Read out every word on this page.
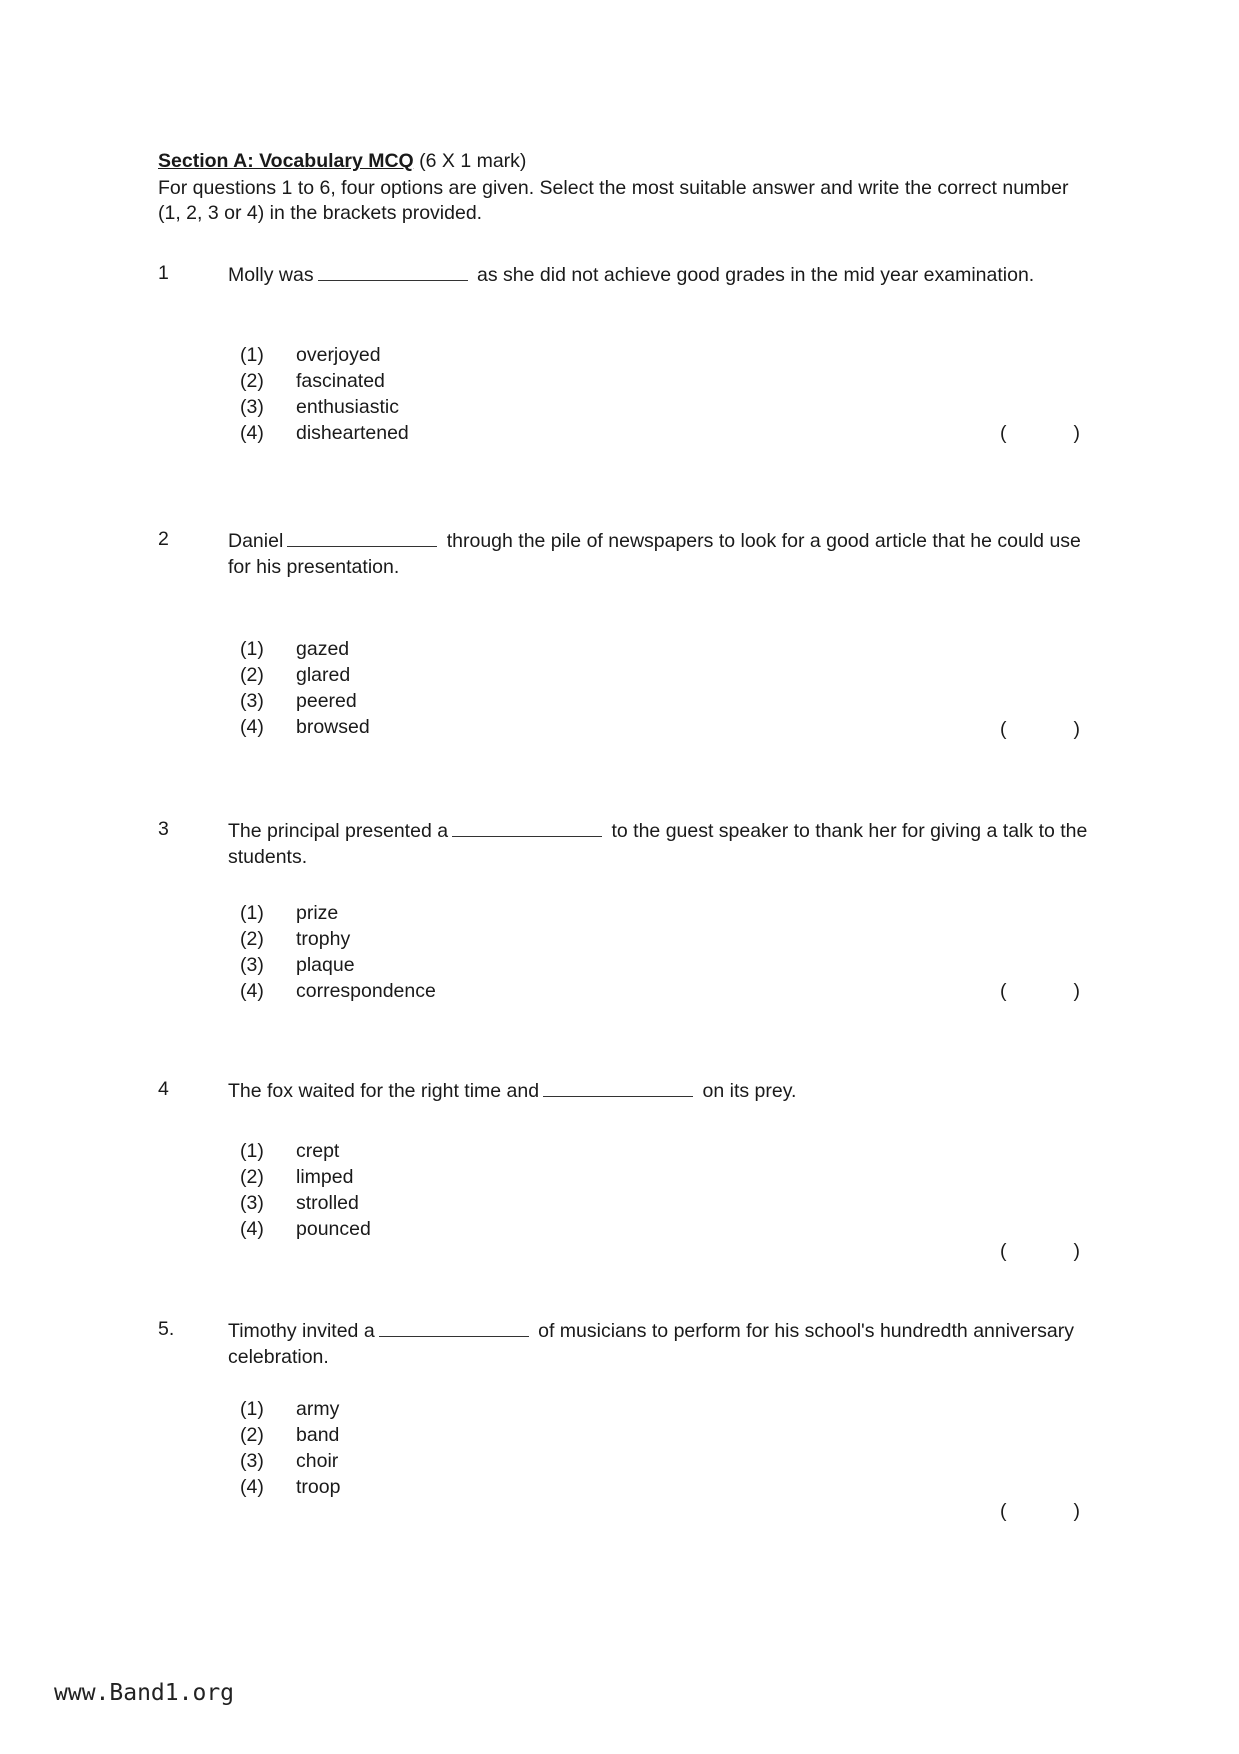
Section A: Vocabulary MCQ (6 X 1 mark)
For questions 1 to 6, four options are given. Select the most suitable answer and write the correct number (1, 2, 3 or 4) in the brackets provided.
1	Molly was	as she did not achieve good grades in the mid year examination.
(1) overjoyed
(2) fascinated
(3) enthusiastic
(4) disheartened	(	)
2	Daniel	through the pile of newspapers to look for a good article that he could use for his presentation.
(1) gazed
(2) glared
(3) peered
(4) browsed	(	)
3	The principal presented a	to the guest speaker to thank her for giving a talk to the students.
(1) prize
(2) trophy
(3) plaque
(4) correspondence	(	)
4	The fox waited for the right time and	on its prey.
(1) crept
(2) limped
(3) strolled
(4) pounced
(	)
5.	Timothy invited a	of musicians to perform for his school's hundredth anniversary celebration.
(1) army
(2) band
(3) choir
(4) troop
(	)
www.Band1.org
